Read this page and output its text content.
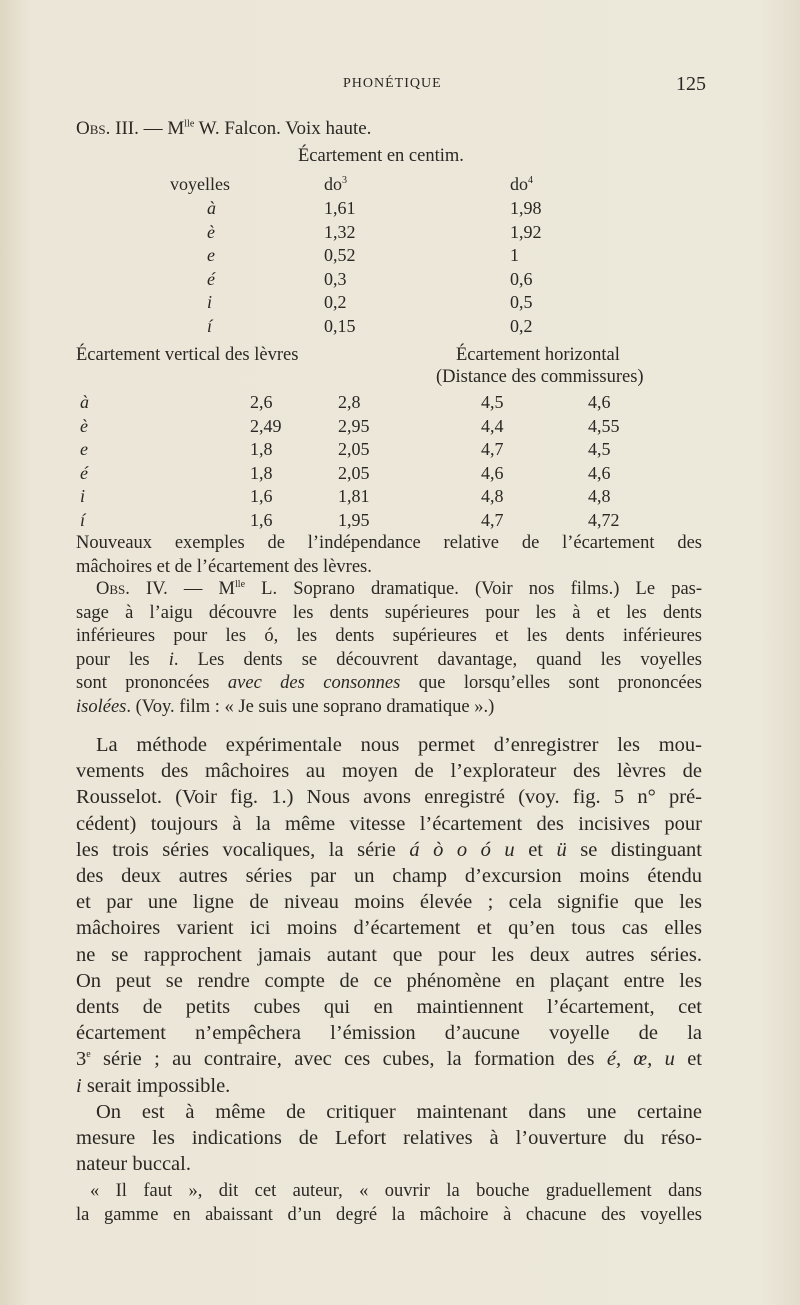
PHONÉTIQUE	125
Obs. III. — $M^{lle}$ W. Falcon. Voix haute.
Écartement en centim.
voyelles	$do^3$	$do^4$
à	1,61	1,98
è	1,32	1,92
e	0,52	1
é	0,3	0,6
i	0,2	0,5
í	0,15	0,2
Écartement vertical des lèvres	Écartement horizontal
(Distance des commissures)
à	2,6	2,8	4,5	4,6
è	2,49	2,95	4,4	4,55
e	1,8	2,05	4,7	4,5
é	1,8	2,05	4,6	4,6
i	1,6	1,81	4,8	4,8
í	1,6	1,95	4,7	4,72
Nouveaux exemples de l’indépendance relative de l’écartement des
mâchoires et de l’écartement des lèvres.
Obs. IV. — $M^{lle}$ L. Soprano dramatique. (Voir nos films.) Le pas-
sage à l’aigu découvre les dents supérieures pour les à et les dents
inférieures pour les ó, les dents supérieures et les dents inférieures
pour les i. Les dents se découvrent davantage, quand les voyelles
sont prononcées avec des consonnes que lorsqu’elles sont prononcées
isolées. (Voy. film : « Je suis une soprano dramatique ».)
La méthode expérimentale nous permet d’enregistrer les mou-
vements des mâchoires au moyen de l’explorateur des lèvres de
Rousselot. (Voir fig. 1.) Nous avons enregistré (voy. fig. 5 n° pré-
cédent) toujours à la même vitesse l’écartement des incisives pour
les trois séries vocaliques, la série á ò o ó u et ü se distinguant
des deux autres séries par un champ d’excursion moins étendu
et par une ligne de niveau moins élevée ; cela signifie que les
mâchoires varient ici moins d’écartement et qu’en tous cas elles
ne se rapprochent jamais autant que pour les deux autres séries.
On peut se rendre compte de ce phénomène en plaçant entre les
dents de petits cubes qui en maintiennent l’écartement, cet
écartement n’empêchera l’émission d’aucune voyelle de la
3e série ; au contraire, avec ces cubes, la formation des é, œ, u et
i serait impossible.
On est à même de critiquer maintenant dans une certaine
mesure les indications de Lefort relatives à l’ouverture du réso-
nateur buccal.
« Il faut », dit cet auteur, « ouvrir la bouche graduellement dans
la gamme en abaissant d’un degré la mâchoire à chacune des voyelles
